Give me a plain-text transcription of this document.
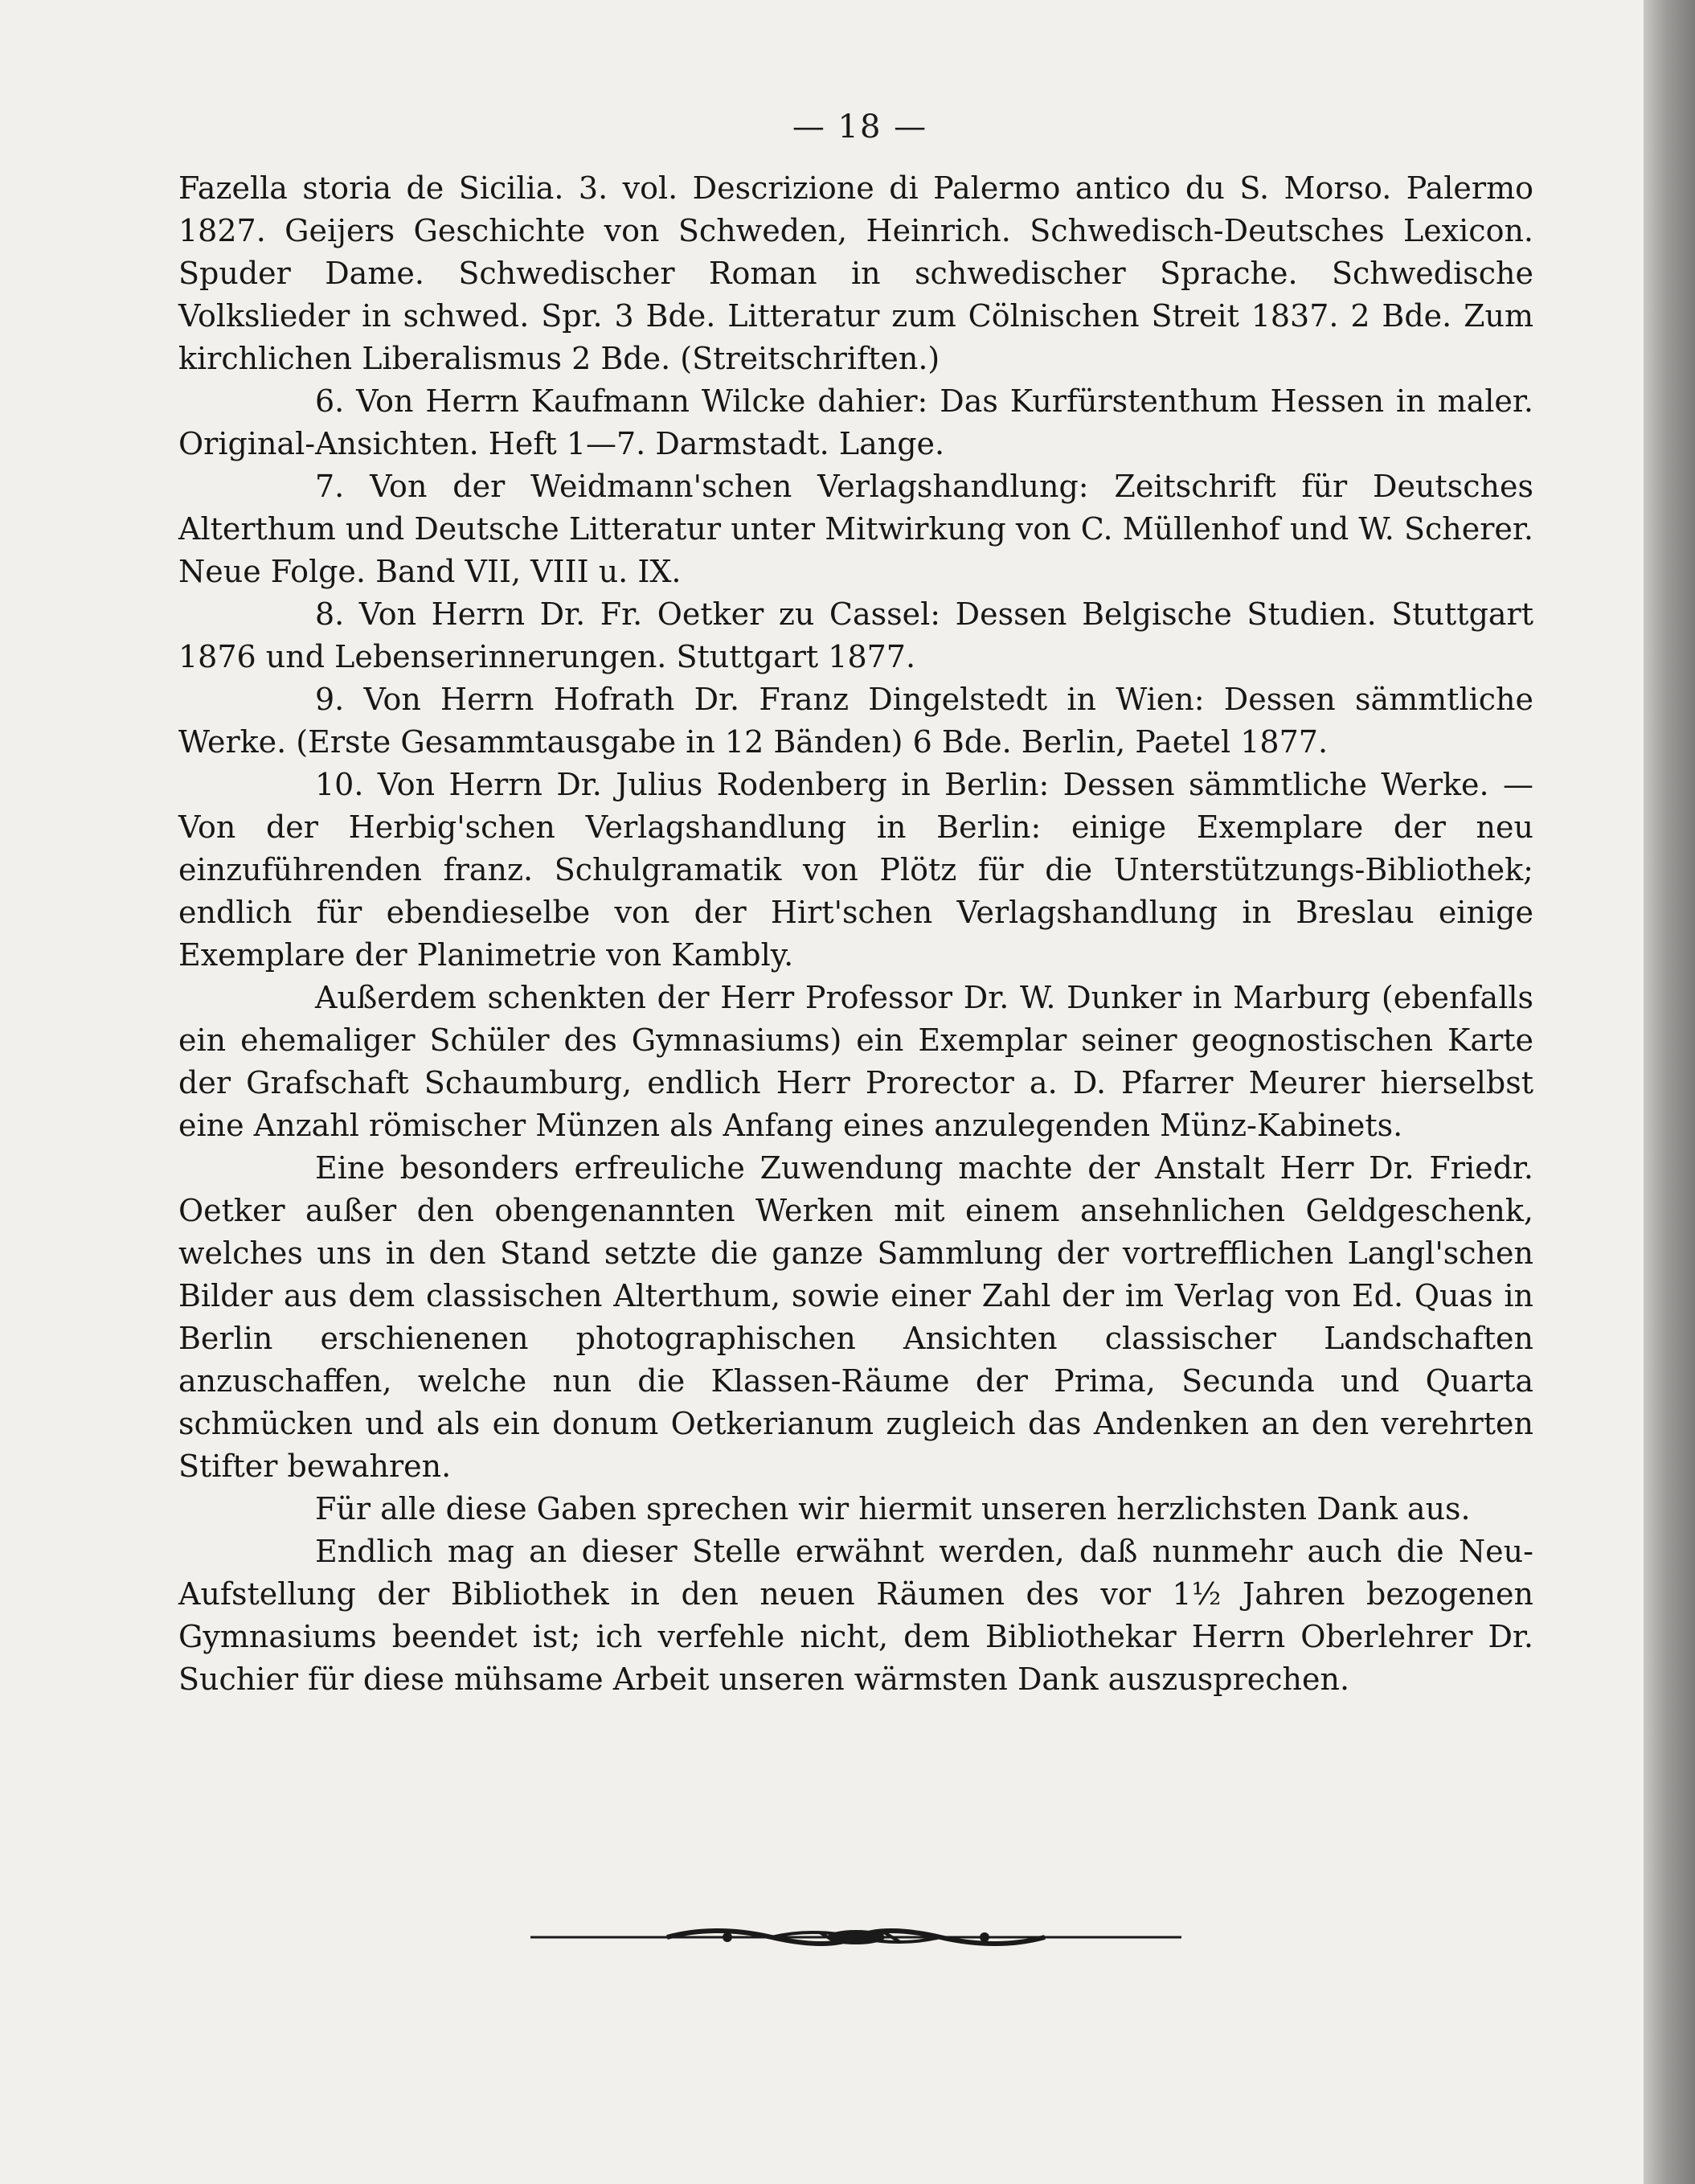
— 18 —

Fazella storia de Sicilia. 3. vol. Descrizione di Palermo antico du S. Morso. Palermo 1827. Geijers Geschichte von Schweden, Heinrich. Schwedisch-Deutsches Lexicon. Spuder Dame. Schwedischer Roman in schwedischer Sprache. Schwedische Volkslieder in schwed. Spr. 3 Bde. Litteratur zum Cölnischen Streit 1837. 2 Bde. Zum kirchlichen Liberalismus 2 Bde. (Streitschriften.)

6. Von Herrn Kaufmann Wilcke dahier: Das Kurfürstenthum Hessen in maler. Original-Ansichten. Heft 1—7. Darmstadt. Lange.

7. Von der Weidmann'schen Verlagshandlung: Zeitschrift für Deutsches Alterthum und Deutsche Litteratur unter Mitwirkung von C. Müllenhof und W. Scherer. Neue Folge. Band VII, VIII u. IX.

8. Von Herrn Dr. Fr. Oetker zu Cassel: Dessen Belgische Studien. Stuttgart 1876 und Lebenserinnerungen. Stuttgart 1877.

9. Von Herrn Hofrath Dr. Franz Dingelstedt in Wien: Dessen sämmtliche Werke. (Erste Gesammtausgabe in 12 Bänden) 6 Bde. Berlin, Paetel 1877.

10. Von Herrn Dr. Julius Rodenberg in Berlin: Dessen sämmtliche Werke. — Von der Herbig'schen Verlagshandlung in Berlin: einige Exemplare der neu einzuführenden franz. Schulgramatik von Plötz für die Unterstützungs-Bibliothek; endlich für ebendieselbe von der Hirt'schen Verlagshandlung in Breslau einige Exemplare der Planimetrie von Kambly.

Außerdem schenkten der Herr Professor Dr. W. Dunker in Marburg (ebenfalls ein ehemaliger Schüler des Gymnasiums) ein Exemplar seiner geognostischen Karte der Grafschaft Schaumburg, endlich Herr Prorector a. D. Pfarrer Meurer hierselbst eine Anzahl römischer Münzen als Anfang eines anzulegenden Münz-Kabinets.

Eine besonders erfreuliche Zuwendung machte der Anstalt Herr Dr. Friedr. Oetker außer den obengenannten Werken mit einem ansehnlichen Geldgeschenk, welches uns in den Stand setzte die ganze Sammlung der vortrefflichen Langl'schen Bilder aus dem classischen Alterthum, sowie einer Zahl der im Verlag von Ed. Quas in Berlin erschienenen photographischen Ansichten classischer Landschaften anzuschaffen, welche nun die Klassen-Räume der Prima, Secunda und Quarta schmücken und als ein donum Oetkerianum zugleich das Andenken an den verehrten Stifter bewahren.

Für alle diese Gaben sprechen wir hiermit unseren herzlichsten Dank aus.

Endlich mag an dieser Stelle erwähnt werden, daß nunmehr auch die Neu-Aufstellung der Bibliothek in den neuen Räumen des vor 1½ Jahren bezogenen Gymnasiums beendet ist; ich verfehle nicht, dem Bibliothekar Herrn Oberlehrer Dr. Suchier für diese mühsame Arbeit unseren wärmsten Dank auszusprechen.
